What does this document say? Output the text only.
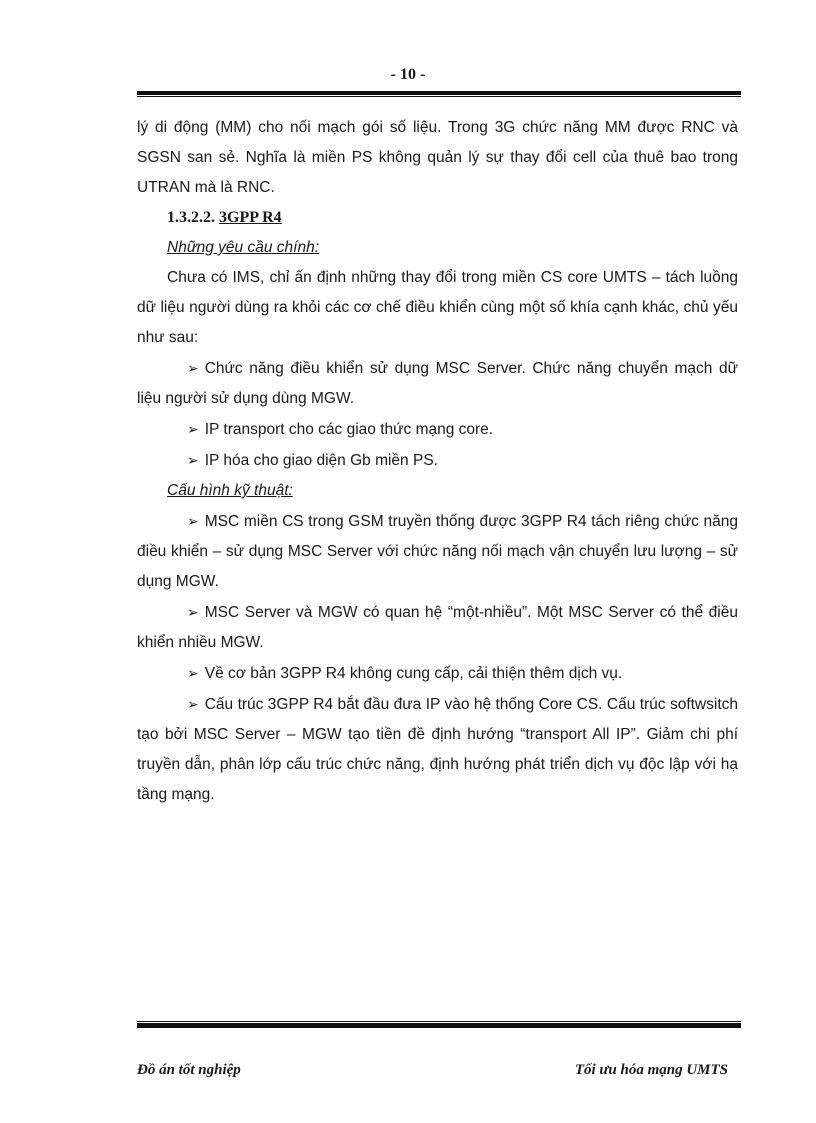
- 10 -

lý di động (MM) cho nối mạch gói số liệu. Trong 3G chức năng MM được RNC và SGSN san sẻ. Nghĩa là miền PS không quản lý sự thay đổi cell của thuê bao trong UTRAN mà là RNC.

1.3.2.2. 3GPP R4

Những yêu cầu chính:

Chưa có IMS, chỉ ấn định những thay đổi trong miền CS core UMTS – tách luồng dữ liệu người dùng ra khỏi các cơ chế điều khiển cùng một số khía cạnh khác, chủ yếu như sau:

➢ Chức năng điều khiển sử dụng MSC Server. Chức năng chuyển mạch dữ liệu người sử dụng dùng MGW.

➢ IP transport cho các giao thức mạng core.

➢ IP hóa cho giao diện Gb miền PS.

Cấu hình kỹ thuật:

➢ MSC miền CS trong GSM truyền thống được 3GPP R4 tách riêng chức năng điều khiển – sử dụng MSC Server với chức năng nối mạch vận chuyển lưu lượng – sử dụng MGW.

➢ MSC Server và MGW có quan hệ “một-nhiều”. Một MSC Server có thể điều khiển nhiều MGW.

➢ Về cơ bản 3GPP R4 không cung cấp, cải thiện thêm dịch vụ.

➢ Cấu trúc 3GPP R4 bắt đầu đưa IP vào hệ thống Core CS. Cấu trúc softwsitch tạo bởi MSC Server – MGW tạo tiền đề định hướng “transport All IP”. Giảm chi phí truyền dẫn, phân lớp cấu trúc chức năng, định hướng phát triển dịch vụ độc lập với hạ tầng mạng.

Đồ án tốt nghiệp	Tối ưu hóa mạng UMTS
